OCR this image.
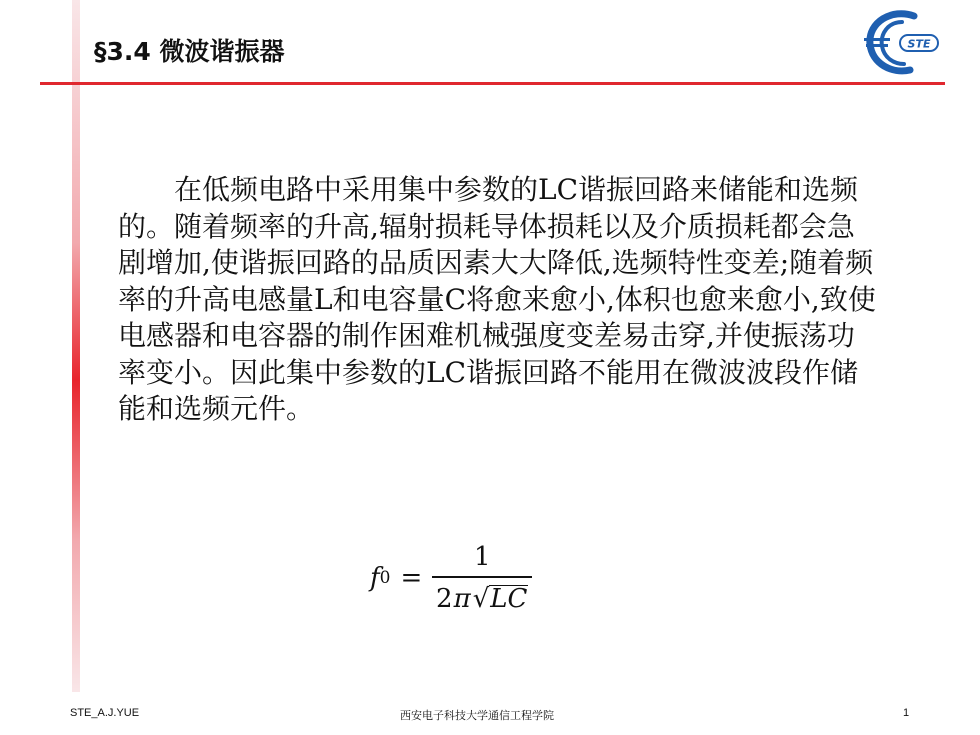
§3.4 微波谐振器	STE

在低频电路中采用集中参数的LC谐振回路来储能和选频的。随着频率的升高,辐射损耗导体损耗以及介质损耗都会急剧增加,使谐振回路的品质因素大大降低,选频特性变差;随着频率的升高电感量L和电容量C将愈来愈小,体积也愈来愈小,致使电感器和电容器的制作困难机械强度变差易击穿,并使振荡功率变小。因此集中参数的LC谐振回路不能用在微波波段作储能和选频元件。

f $0 = \frac{1}{2 \pi √ LC}$
STE_A.J.YUE	西安电子科技大学通信工程学院	1
